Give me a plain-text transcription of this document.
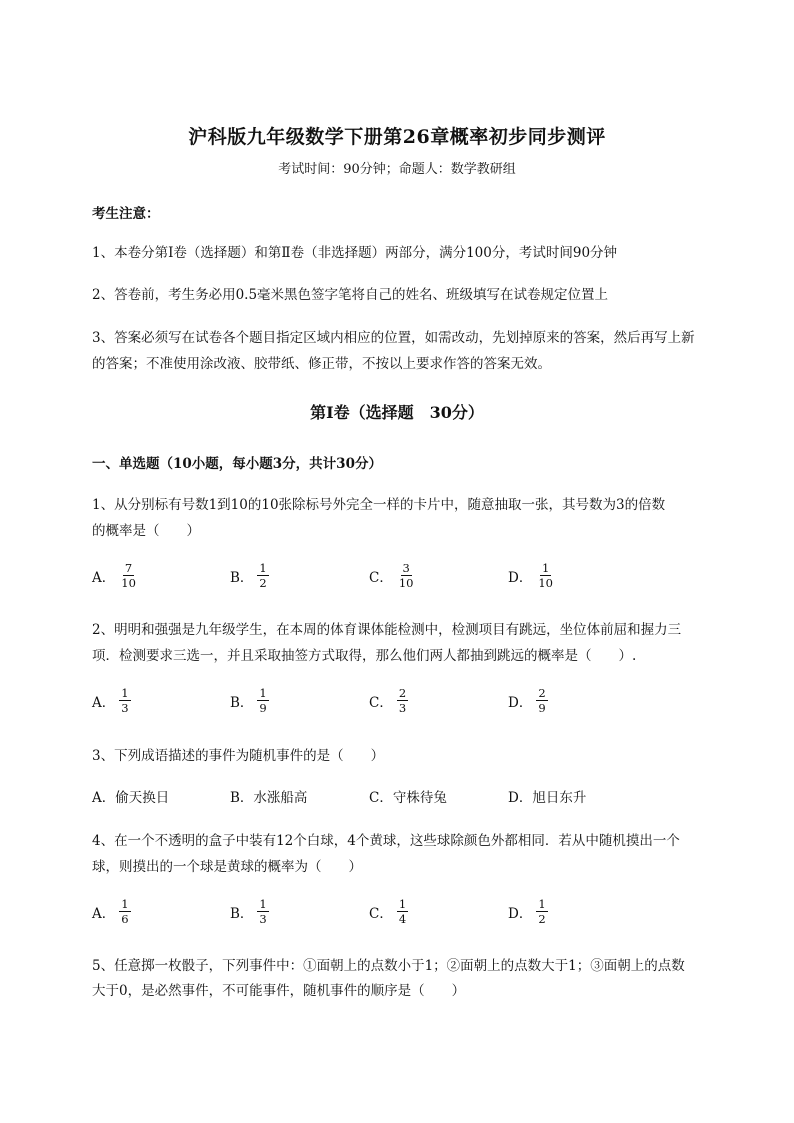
沪科版九年级数学下册第26章概率初步同步测评
考试时间：90分钟；命题人：数学教研组
考生注意：
1、本卷分第I卷（选择题）和第Ⅱ卷（非选择题）两部分，满分100分，考试时间90分钟
2、答卷前，考生务必用0.5毫米黑色签字笔将自己的姓名、班级填写在试卷规定位置上
3、答案必须写在试卷各个题目指定区域内相应的位置，如需改动，先划掉原来的答案，然后再写上新
的答案；不准使用涂改液、胶带纸、修正带，不按以上要求作答的答案无效。
第I卷（选择题　30分）
一、单选题（10小题，每小题3分，共计30分）
1、从分别标有号数1到10的10张除标号外完全一样的卡片中，随意抽取一张，其号数为3的倍数
的概率是（　　）
A． $\frac{7}{10}$	B． $\frac{1}{2}$	C． $\frac{3}{10}$	D． $\frac{1}{10}$
2、明明和强强是九年级学生，在本周的体育课体能检测中，检测项目有跳远，坐位体前屈和握力三
项．检测要求三选一，并且采取抽签方式取得，那么他们两人都抽到跳远的概率是（　　）.
A． $\frac{1}{3}$	B． $\frac{1}{9}$	C． $\frac{2}{3}$	D． $\frac{2}{9}$
3、下列成语描述的事件为随机事件的是（　　）
A． 偷天换日	B． 水涨船高	C． 守株待兔	D． 旭日东升
4、在一个不透明的盒子中装有12个白球，4个黄球，这些球除颜色外都相同．若从中随机摸出一个
球，则摸出的一个球是黄球的概率为（　　）
A． $\frac{1}{6}$	B． $\frac{1}{3}$	C． $\frac{1}{4}$	D． $\frac{1}{2}$
5、任意掷一枚骰子，下列事件中：①面朝上的点数小于1；②面朝上的点数大于1；③面朝上的点数
大于0，是必然事件，不可能事件，随机事件的顺序是（　　）
